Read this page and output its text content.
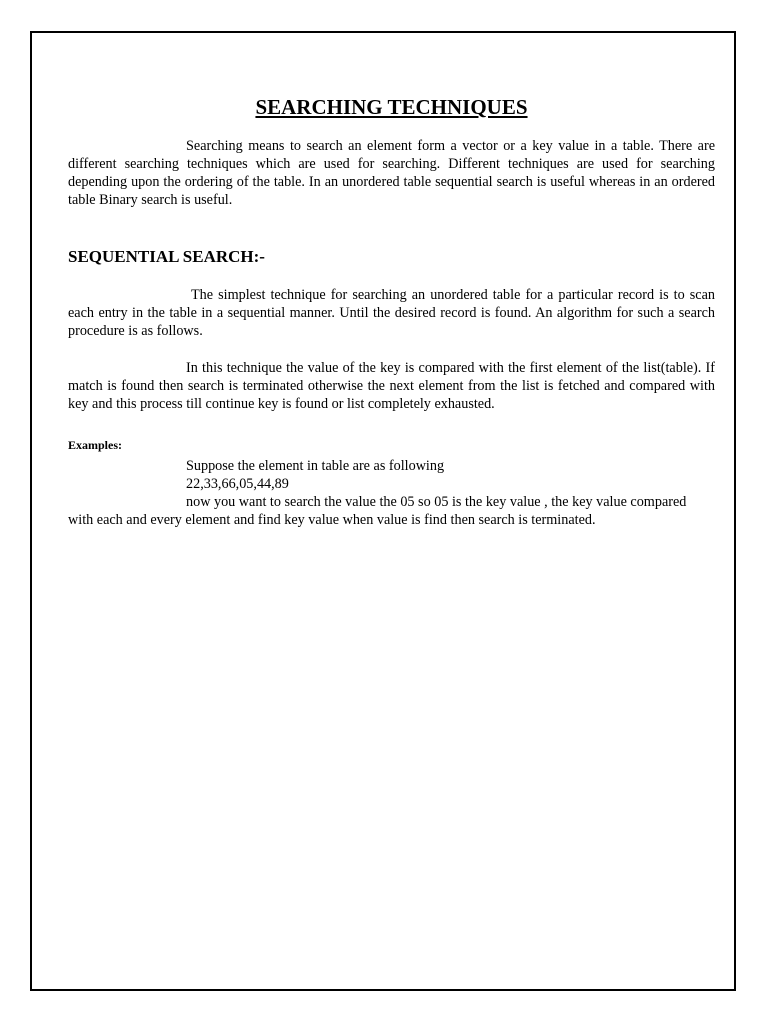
SEARCHING TECHNIQUES

Searching means to search an element form a vector or a key value in a table. There are different searching techniques which are used for searching. Different techniques are used for searching depending upon the ordering of the table. In an unordered table sequential search is useful whereas in an ordered table Binary search is useful.

SEQUENTIAL SEARCH:-

The simplest technique for searching an unordered table for a particular record is to scan each entry in the table in a sequential manner. Until the desired record is found. An algorithm for such a search procedure is as follows.

In this technique the value of the key is compared with the first element of the list(table). If match is found then search is terminated otherwise the next element from the list is fetched and compared with key and this process till continue key is found or list completely exhausted.

Examples:
Suppose the element in table are as following
22,33,66,05,44,89

now you want to search the value the 05 so 05 is the key value , the key value compared with each and every element and find key value when value is find then search is terminated.
